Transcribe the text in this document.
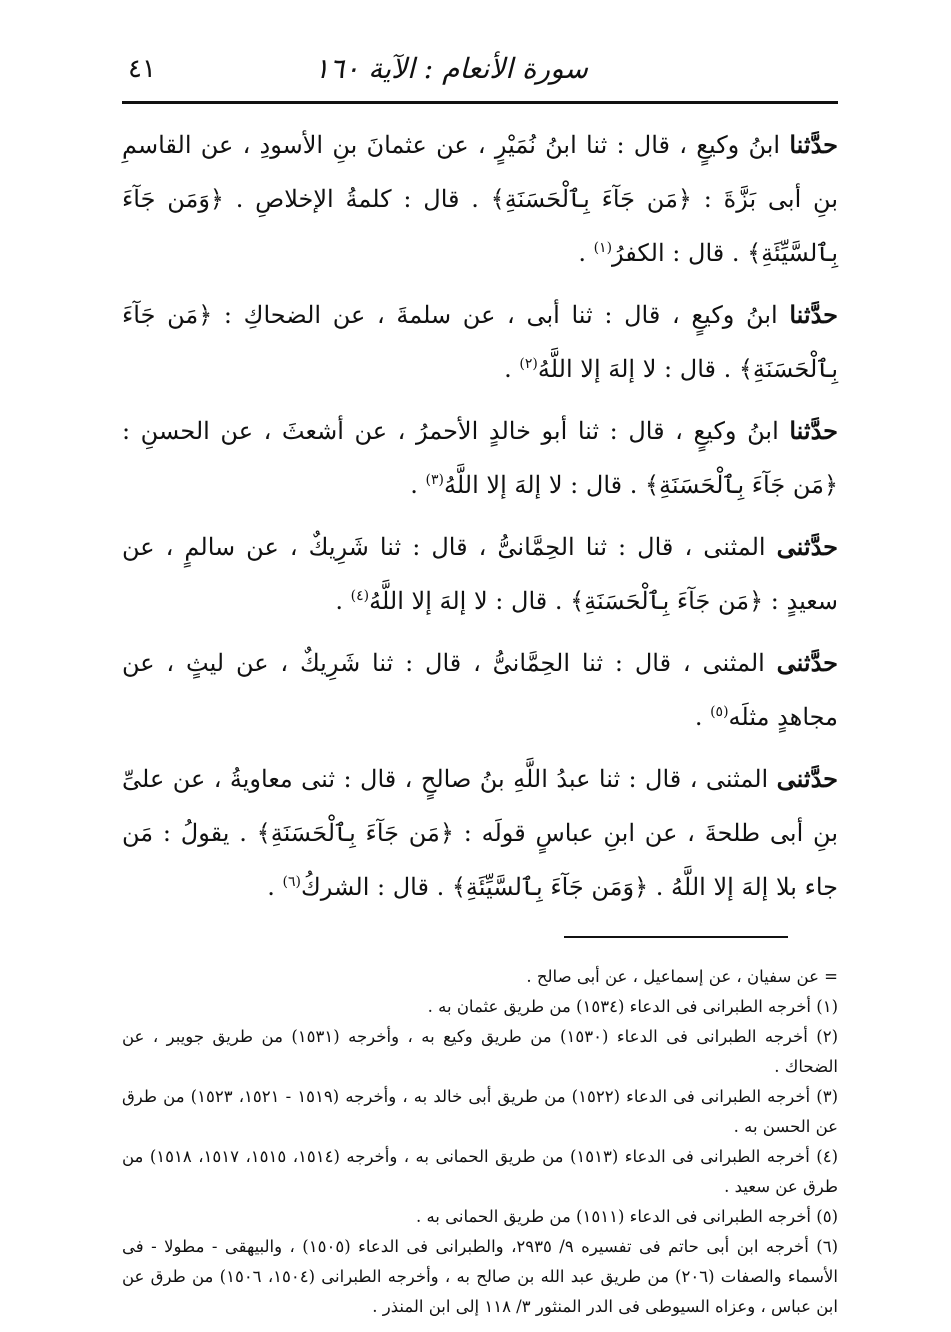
٤١	سورة الأنعام : الآية ١٦٠

حدَّثنا ابنُ وكيعٍ ، قال : ثنا ابنُ نُمَيْرٍ ، عن عثمانَ بنِ الأسودِ ، عن القاسمِ بنِ أبى بَزَّةَ : ﴿مَن جَآءَ بِٱلْحَسَنَةِ﴾ . قال : كلمةُ الإخلاصِ . ﴿وَمَن جَآءَ بِٱلسَّيِّئَةِ﴾ . قال : الكفرُ$^{(١)}$ .

حدَّثنا ابنُ وكيعٍ ، قال : ثنا أبى ، عن سلمةَ ، عن الضحاكِ : ﴿مَن جَآءَ بِٱلْحَسَنَةِ﴾ . قال : لا إلهَ إلا اللَّهُ$^{(٢)}$ .

حدَّثنا ابنُ وكيعٍ ، قال : ثنا أبو خالدٍ الأحمرُ ، عن أشعثَ ، عن الحسنِ : ﴿مَن جَآءَ بِٱلْحَسَنَةِ﴾ . قال : لا إلهَ إلا اللَّهُ$^{(٣)}$ .

حدَّثنى المثنى ، قال : ثنا الحِمَّانىُّ ، قال : ثنا شَرِيكٌ ، عن سالمٍ ، عن سعيدٍ : ﴿مَن جَآءَ بِٱلْحَسَنَةِ﴾ . قال : لا إلهَ إلا اللَّهُ$^{(٤)}$ .

حدَّثنى المثنى ، قال : ثنا الحِمَّانىُّ ، قال : ثنا شَرِيكٌ ، عن ليثٍ ، عن مجاهدٍ مثلَه$^{(٥)}$ .

حدَّثنى المثنى ، قال : ثنا عبدُ اللَّهِ بنُ صالحٍ ، قال : ثنى معاويةُ ، عن علىِّ بنِ أبى طلحةَ ، عن ابنِ عباسٍ قولَه : ﴿مَن جَآءَ بِٱلْحَسَنَةِ﴾ . يقولُ : مَن جاء بلا إلهَ إلا اللَّهُ . ﴿وَمَن جَآءَ بِٱلسَّيِّئَةِ﴾ . قال : الشركُ$^{(٦)}$ .

= عن سفيان ، عن إسماعيل ، عن أبى صالح .
(١) أخرجه الطبرانى فى الدعاء (١٥٣٤) من طريق عثمان به .
(٢) أخرجه الطبرانى فى الدعاء (١٥٣٠) من طريق وكيع به ، وأخرجه (١٥٣١) من طريق جويبر ، عن الضحاك .
(٣) أخرجه الطبرانى فى الدعاء (١٥٢٢) من طريق أبى خالد به ، وأخرجه (١٥١٩ - ١٥٢١، ١٥٢٣) من طرق عن الحسن به .
(٤) أخرجه الطبرانى فى الدعاء (١٥١٣) من طريق الحمانى به ، وأخرجه (١٥١٤، ١٥١٥، ١٥١٧، ١٥١٨) من طرق عن سعيد .
(٥) أخرجه الطبرانى فى الدعاء (١٥١١) من طريق الحمانى به .
(٦) أخرجه ابن أبى حاتم فى تفسيره ٩/ ٢٩٣٥، والطبرانى فى الدعاء (١٥٠٥) ، والبيهقى - مطولا - فى الأسماء والصفات (٢٠٦) من طريق عبد الله بن صالح به ، وأخرجه الطبرانى (١٥٠٤، ١٥٠٦) من طرق عن ابن عباس ، وعزاه السيوطى فى الدر المنثور ٣/ ١١٨ إلى ابن المنذر .
